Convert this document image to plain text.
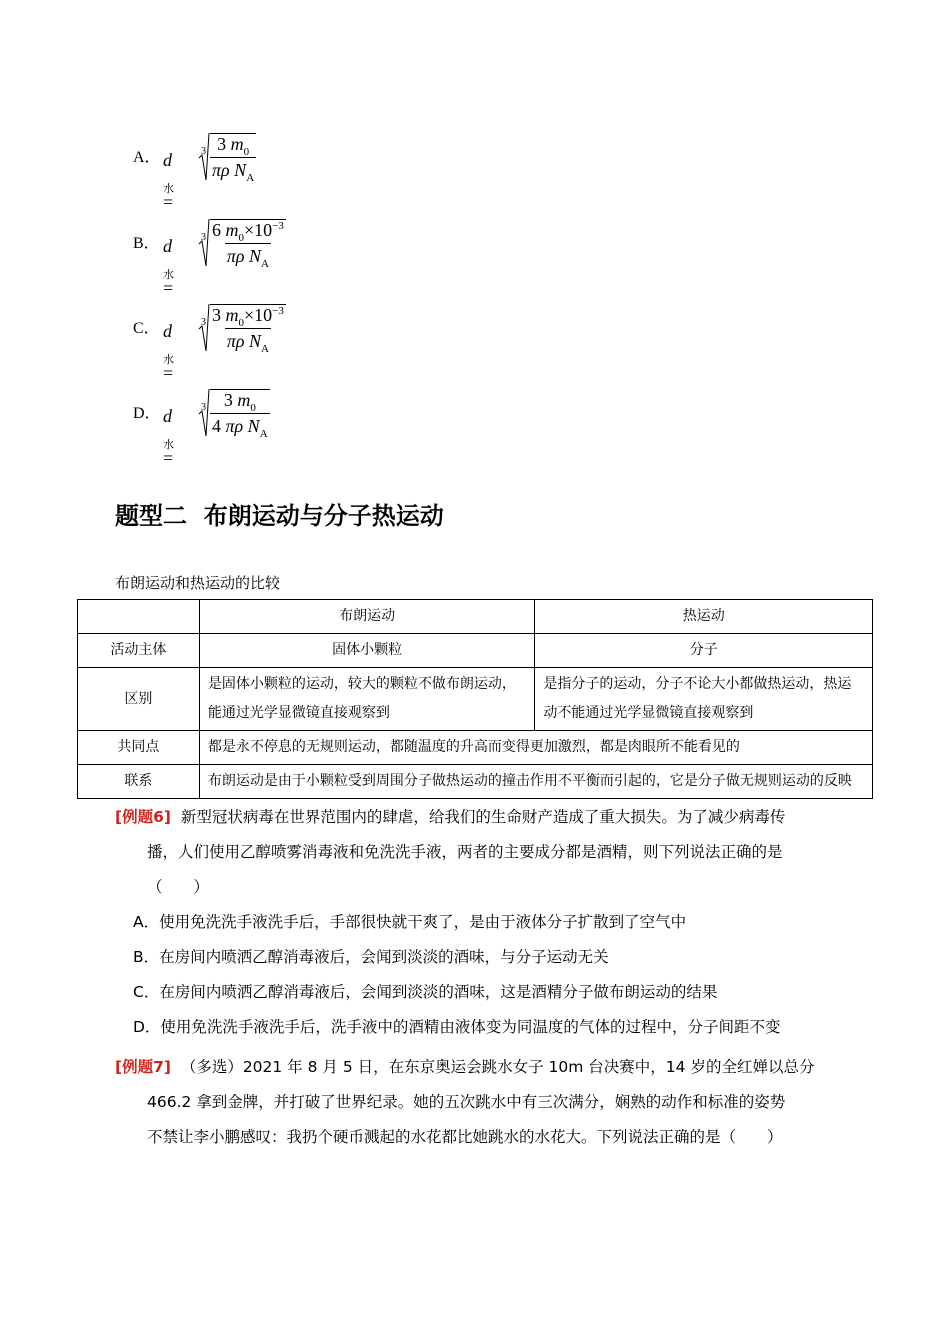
A． $d_水=$
$3 \frac{3 m_0}{\pi\rho N_A}$
B． $d_水=$
$3 \frac{6 m_0\times 10^{-3}}{\pi\rho N_A}$
C． $d_水=$
$3 \frac{3 m_0\times 10^{-3}}{\pi\rho N_A}$
D． $d_水=$
$3 \frac{3 m_0}{4 \pi\rho N_A}$
题型二  布朗运动与分子热运动
布朗运动和热运动的比较
	布朗运动	热运动
活动主体	固体小颗粒	分子
区别	是固体小颗粒的运动，较大的颗粒不做布朗运动，能通过光学显微镜直接观察到	是指分子的运动，分子不论大小都做热运动，热运动不能通过光学显微镜直接观察到
共同点	都是永不停息的无规则运动，都随温度的升高而变得更加激烈，都是肉眼所不能看见的	
联系	布朗运动是由于小颗粒受到周围分子做热运动的撞击作用不平衡而引起的，它是分子做无规则运动的反映	
[例题6] 新型冠状病毒在世界范围内的肆虐，给我们的生命财产造成了重大损失。为了减少病毒传
播，人们使用乙醇喷雾消毒液和免洗洗手液，两者的主要成分都是酒精，则下列说法正确的是
（　　）
A．使用免洗洗手液洗手后，手部很快就干爽了，是由于液体分子扩散到了空气中
B．在房间内喷洒乙醇消毒液后，会闻到淡淡的酒味，与分子运动无关
C．在房间内喷洒乙醇消毒液后，会闻到淡淡的酒味，这是酒精分子做布朗运动的结果
D．使用免洗洗手液洗手后，洗手液中的酒精由液体变为同温度的气体的过程中，分子间距不变
[例题7] （多选）2021 年 8 月 5 日，在东京奥运会跳水女子 10m 台决赛中，14 岁的全红婵以总分
466.2 拿到金牌，并打破了世界纪录。她的五次跳水中有三次满分，娴熟的动作和标准的姿势
不禁让李小鹏感叹：我扔个硬币溅起的水花都比她跳水的水花大。下列说法正确的是（　　）
